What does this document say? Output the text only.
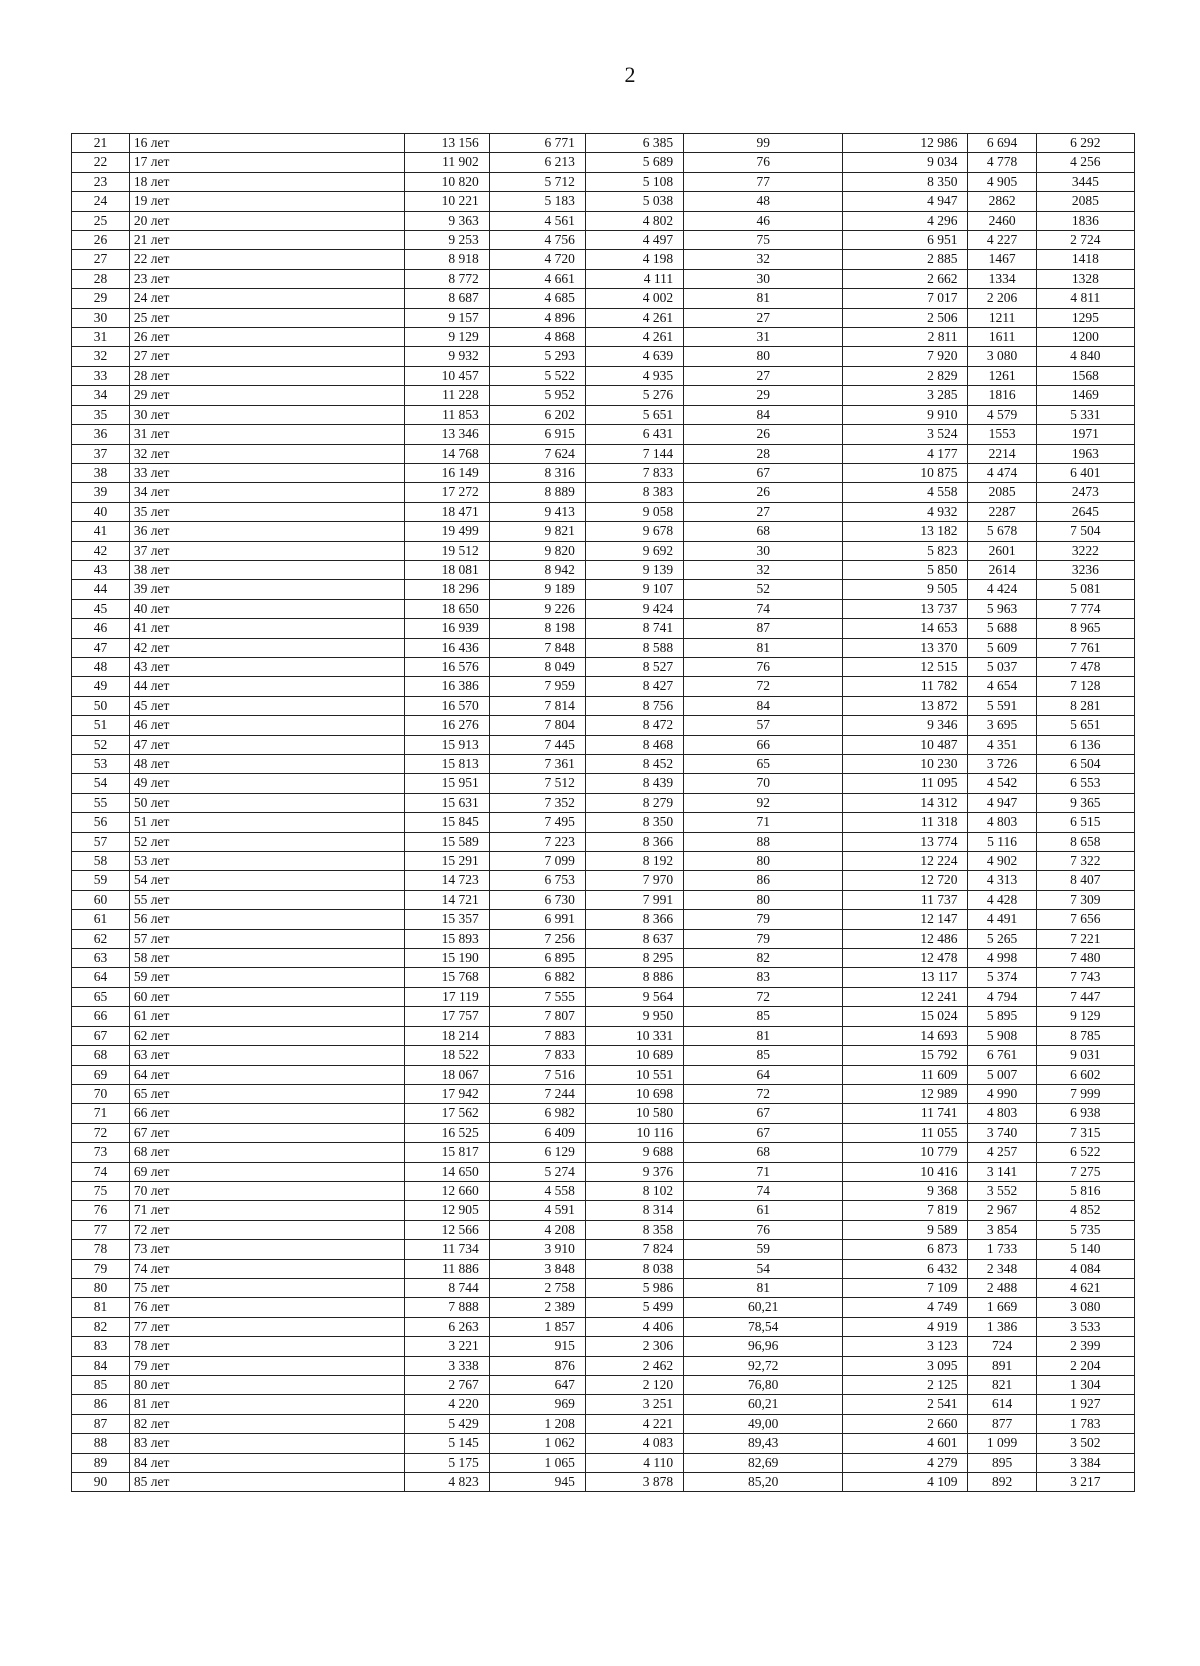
2
21	16 лет	13 156	6 771	6 385	99	12 986	6 694	6 292
22	17 лет	11 902	6 213	5 689	76	9 034	4 778	4 256
23	18 лет	10 820	5 712	5 108	77	8 350	4 905	3445
24	19 лет	10 221	5 183	5 038	48	4 947	2862	2085
25	20 лет	9 363	4 561	4 802	46	4 296	2460	1836
26	21 лет	9 253	4 756	4 497	75	6 951	4 227	2 724
27	22 лет	8 918	4 720	4 198	32	2 885	1467	1418
28	23 лет	8 772	4 661	4 111	30	2 662	1334	1328
29	24 лет	8 687	4 685	4 002	81	7 017	2 206	4 811
30	25 лет	9 157	4 896	4 261	27	2 506	1211	1295
31	26 лет	9 129	4 868	4 261	31	2 811	1611	1200
32	27 лет	9 932	5 293	4 639	80	7 920	3 080	4 840
33	28 лет	10 457	5 522	4 935	27	2 829	1261	1568
34	29 лет	11 228	5 952	5 276	29	3 285	1816	1469
35	30 лет	11 853	6 202	5 651	84	9 910	4 579	5 331
36	31 лет	13 346	6 915	6 431	26	3 524	1553	1971
37	32 лет	14 768	7 624	7 144	28	4 177	2214	1963
38	33 лет	16 149	8 316	7 833	67	10 875	4 474	6 401
39	34 лет	17 272	8 889	8 383	26	4 558	2085	2473
40	35 лет	18 471	9 413	9 058	27	4 932	2287	2645
41	36 лет	19 499	9 821	9 678	68	13 182	5 678	7 504
42	37 лет	19 512	9 820	9 692	30	5 823	2601	3222
43	38 лет	18 081	8 942	9 139	32	5 850	2614	3236
44	39 лет	18 296	9 189	9 107	52	9 505	4 424	5 081
45	40 лет	18 650	9 226	9 424	74	13 737	5 963	7 774
46	41 лет	16 939	8 198	8 741	87	14 653	5 688	8 965
47	42 лет	16 436	7 848	8 588	81	13 370	5 609	7 761
48	43 лет	16 576	8 049	8 527	76	12 515	5 037	7 478
49	44 лет	16 386	7 959	8 427	72	11 782	4 654	7 128
50	45 лет	16 570	7 814	8 756	84	13 872	5 591	8 281
51	46 лет	16 276	7 804	8 472	57	9 346	3 695	5 651
52	47 лет	15 913	7 445	8 468	66	10 487	4 351	6 136
53	48 лет	15 813	7 361	8 452	65	10 230	3 726	6 504
54	49 лет	15 951	7 512	8 439	70	11 095	4 542	6 553
55	50 лет	15 631	7 352	8 279	92	14 312	4 947	9 365
56	51 лет	15 845	7 495	8 350	71	11 318	4 803	6 515
57	52 лет	15 589	7 223	8 366	88	13 774	5 116	8 658
58	53 лет	15 291	7 099	8 192	80	12 224	4 902	7 322
59	54 лет	14 723	6 753	7 970	86	12 720	4 313	8 407
60	55 лет	14 721	6 730	7 991	80	11 737	4 428	7 309
61	56 лет	15 357	6 991	8 366	79	12 147	4 491	7 656
62	57 лет	15 893	7 256	8 637	79	12 486	5 265	7 221
63	58 лет	15 190	6 895	8 295	82	12 478	4 998	7 480
64	59 лет	15 768	6 882	8 886	83	13 117	5 374	7 743
65	60 лет	17 119	7 555	9 564	72	12 241	4 794	7 447
66	61 лет	17 757	7 807	9 950	85	15 024	5 895	9 129
67	62 лет	18 214	7 883	10 331	81	14 693	5 908	8 785
68	63 лет	18 522	7 833	10 689	85	15 792	6 761	9 031
69	64 лет	18 067	7 516	10 551	64	11 609	5 007	6 602
70	65 лет	17 942	7 244	10 698	72	12 989	4 990	7 999
71	66 лет	17 562	6 982	10 580	67	11 741	4 803	6 938
72	67 лет	16 525	6 409	10 116	67	11 055	3 740	7 315
73	68 лет	15 817	6 129	9 688	68	10 779	4 257	6 522
74	69 лет	14 650	5 274	9 376	71	10 416	3 141	7 275
75	70 лет	12 660	4 558	8 102	74	9 368	3 552	5 816
76	71 лет	12 905	4 591	8 314	61	7 819	2 967	4 852
77	72 лет	12 566	4 208	8 358	76	9 589	3 854	5 735
78	73 лет	11 734	3 910	7 824	59	6 873	1 733	5 140
79	74 лет	11 886	3 848	8 038	54	6 432	2 348	4 084
80	75 лет	8 744	2 758	5 986	81	7 109	2 488	4 621
81	76 лет	7 888	2 389	5 499	60,21	4 749	1 669	3 080
82	77 лет	6 263	1 857	4 406	78,54	4 919	1 386	3 533
83	78 лет	3 221	915	2 306	96,96	3 123	724	2 399
84	79 лет	3 338	876	2 462	92,72	3 095	891	2 204
85	80 лет	2 767	647	2 120	76,80	2 125	821	1 304
86	81 лет	4 220	969	3 251	60,21	2 541	614	1 927
87	82 лет	5 429	1 208	4 221	49,00	2 660	877	1 783
88	83 лет	5 145	1 062	4 083	89,43	4 601	1 099	3 502
89	84 лет	5 175	1 065	4 110	82,69	4 279	895	3 384
90	85 лет	4 823	945	3 878	85,20	4 109	892	3 217
